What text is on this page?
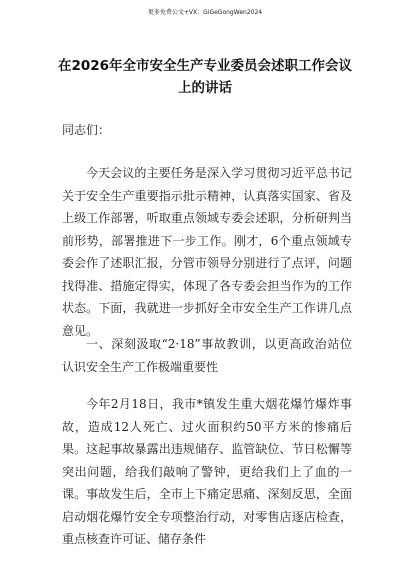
更多免费公文+VX：GiGeGongWen2024
在2026年全市安全生产专业委员会述职工作会议上的讲话
同志们：
今天会议的主要任务是深入学习贯彻习近平总书记关于安全生产重要指示批示精神，认真落实国家、省及上级工作部署，听取重点领域专委会述职，分析研判当前形势，部署推进下一步工作。刚才，6个重点领域专委会作了述职汇报，分管市领导分别进行了点评，问题找得准、措施定得实，体现了各专委会担当作为的工作状态。下面，我就进一步抓好全市安全生产工作讲几点意见。
一、深刻汲取“2·18”事故教训，以更高政治站位认识安全生产工作极端重要性
今年2月18日，我市*镇发生重大烟花爆竹爆炸事故，造成12人死亡、过火面积约50平方米的惨痛后果。这起事故暴露出违规储存、监管缺位、节日松懈等突出问题，给我们敲响了警钟，更给我们上了血的一课。事故发生后，全市上下痛定思痛、深刻反思，全面启动烟花爆竹安全专项整治行动，对零售店逐店检查，重点核查许可证、储存条件
